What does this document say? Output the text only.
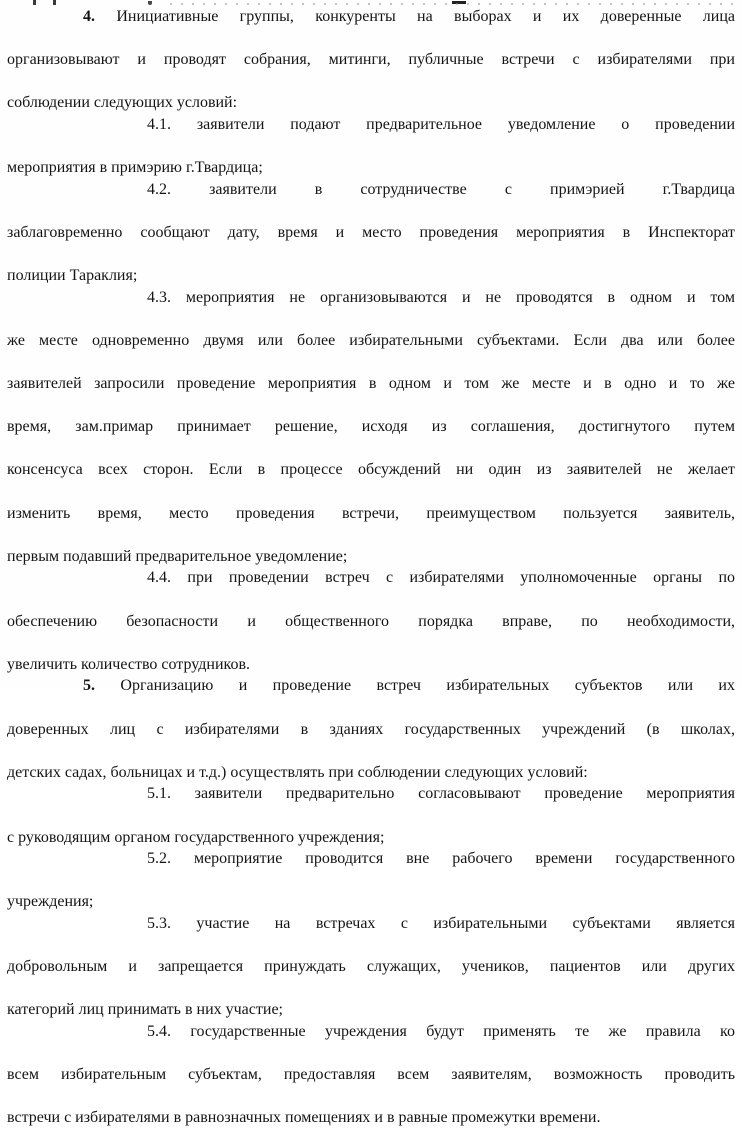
4. Инициативные группы, конкуренты на выборах и их доверенные лица
организовывают и проводят собрания, митинги, публичные встречи с избирателями при
соблюдении следующих условий:
4.1. заявители подают предварительное уведомление о проведении
мероприятия в примэрию г.Твардица;
4.2. заявители в сотрудничестве с примэрией г.Твардица
заблаговременно сообщают дату, время и место проведения мероприятия в Инспекторат
полиции Тараклия;
4.3. мероприятия не организовываются и не проводятся в одном и том
же месте одновременно двумя или более избирательными субъектами. Если два или более
заявителей запросили проведение мероприятия в одном и том же месте и в одно и то же
время, зам.примар принимает решение, исходя из соглашения, достигнутого путем
консенсуса всех сторон. Если в процессе обсуждений ни один из заявителей не желает
изменить время, место проведения встречи, преимуществом пользуется заявитель,
первым подавший предварительное уведомление;
4.4. при проведении встреч с избирателями уполномоченные органы по
обеспечению безопасности и общественного порядка вправе, по необходимости,
увеличить количество сотрудников.
5. Организацию и проведение встреч избирательных субъектов или их
доверенных лиц с избирателями в зданиях государственных учреждений (в школах,
детских садах, больницах и т.д.) осуществлять при соблюдении следующих условий:
5.1. заявители предварительно согласовывают проведение мероприятия
с руководящим органом государственного учреждения;
5.2. мероприятие проводится вне рабочего времени государственного
учреждения;
5.3. участие на встречах с избирательными субъектами является
добровольным и запрещается принуждать служащих, учеников, пациентов или других
категорий лиц принимать в них участие;
5.4. государственные учреждения будут применять те же правила ко
всем избирательным субъектам, предоставляя всем заявителям, возможность проводить
встречи с избирателями в равнозначных помещениях и в равные промежутки времени.
